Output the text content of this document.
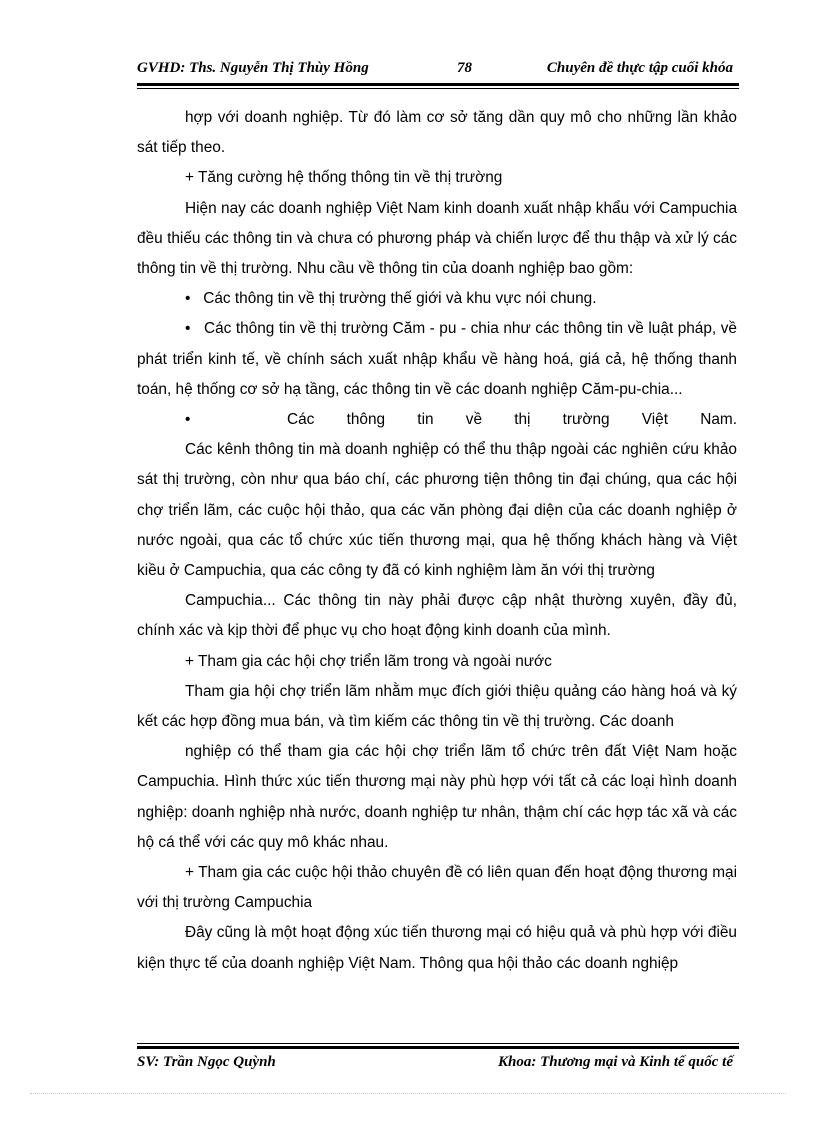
GVHD: Ths. Nguyễn Thị Thùy Hồng	78	Chuyên đề thực tập cuối khóa

hợp với doanh nghiệp. Từ đó làm cơ sở tăng dần quy mô cho những lần khảo sát tiếp theo.

+ Tăng cường hệ thống thông tin về thị trường

Hiện nay các doanh nghiệp Việt Nam kinh doanh xuất nhập khẩu với Campuchia đều thiếu các thông tin và chưa có phương pháp và chiến lược để thu thập và xử lý các thông tin về thị trường. Nhu cầu về thông tin của doanh nghiệp bao gồm:

•   Các thông tin về thị trường thế giới và khu vực nói chung.

•   Các thông tin về thị trường Căm - pu - chia như các thông tin về luật pháp, về phát triển kinh tế, về chính sách xuất nhập khẩu về hàng hoá, giá cả, hệ thống thanh toán, hệ thống cơ sở hạ tầng, các thông tin về các doanh nghiệp Căm-pu-chia...

•   Các thông tin về thị trường Việt Nam.

Các kênh thông tin mà doanh nghiệp có thể thu thập ngoài các nghiên cứu khảo sát thị trường, còn như qua báo chí, các phương tiện thông tin đại chúng, qua các hội chợ triển lãm, các cuộc hội thảo, qua các văn phòng đại diện của các doanh nghiệp ở nước ngoài, qua các tổ chức xúc tiến thương mại, qua hệ thống khách hàng và Việt kiều ở Campuchia, qua các công ty đã có kinh nghiệm làm ăn với thị trường

Campuchia... Các thông tin này phải được cập nhật thường xuyên, đầy đủ, chính xác và kịp thời để phục vụ cho hoạt động kinh doanh của mình.

+ Tham gia các hội chợ triển lãm trong và ngoài nước

Tham gia hội chợ triển lãm nhằm mục đích giới thiệu quảng cáo hàng hoá và ký kết các hợp đồng mua bán, và tìm kiếm các thông tin về thị trường. Các doanh

nghiệp có thể tham gia các hội chợ triển lãm tổ chức trên đất Việt Nam hoặc Campuchia. Hình thức xúc tiến thương mại này phù hợp với tất cả các loại hình doanh nghiệp: doanh nghiệp nhà nước, doanh nghiệp tư nhân, thậm chí các hợp tác xã và các hộ cá thể với các quy mô khác nhau.

+ Tham gia các cuộc hội thảo chuyên đề có liên quan đến hoạt động thương mại với thị trường Campuchia

Đây cũng là một hoạt động xúc tiến thương mại có hiệu quả và phù hợp với điều kiện thực tế của doanh nghiệp Việt Nam. Thông qua hội thảo các doanh nghiệp

SV: Trần Ngọc Quỳnh	Khoa: Thương mại và Kinh tế quốc tế
